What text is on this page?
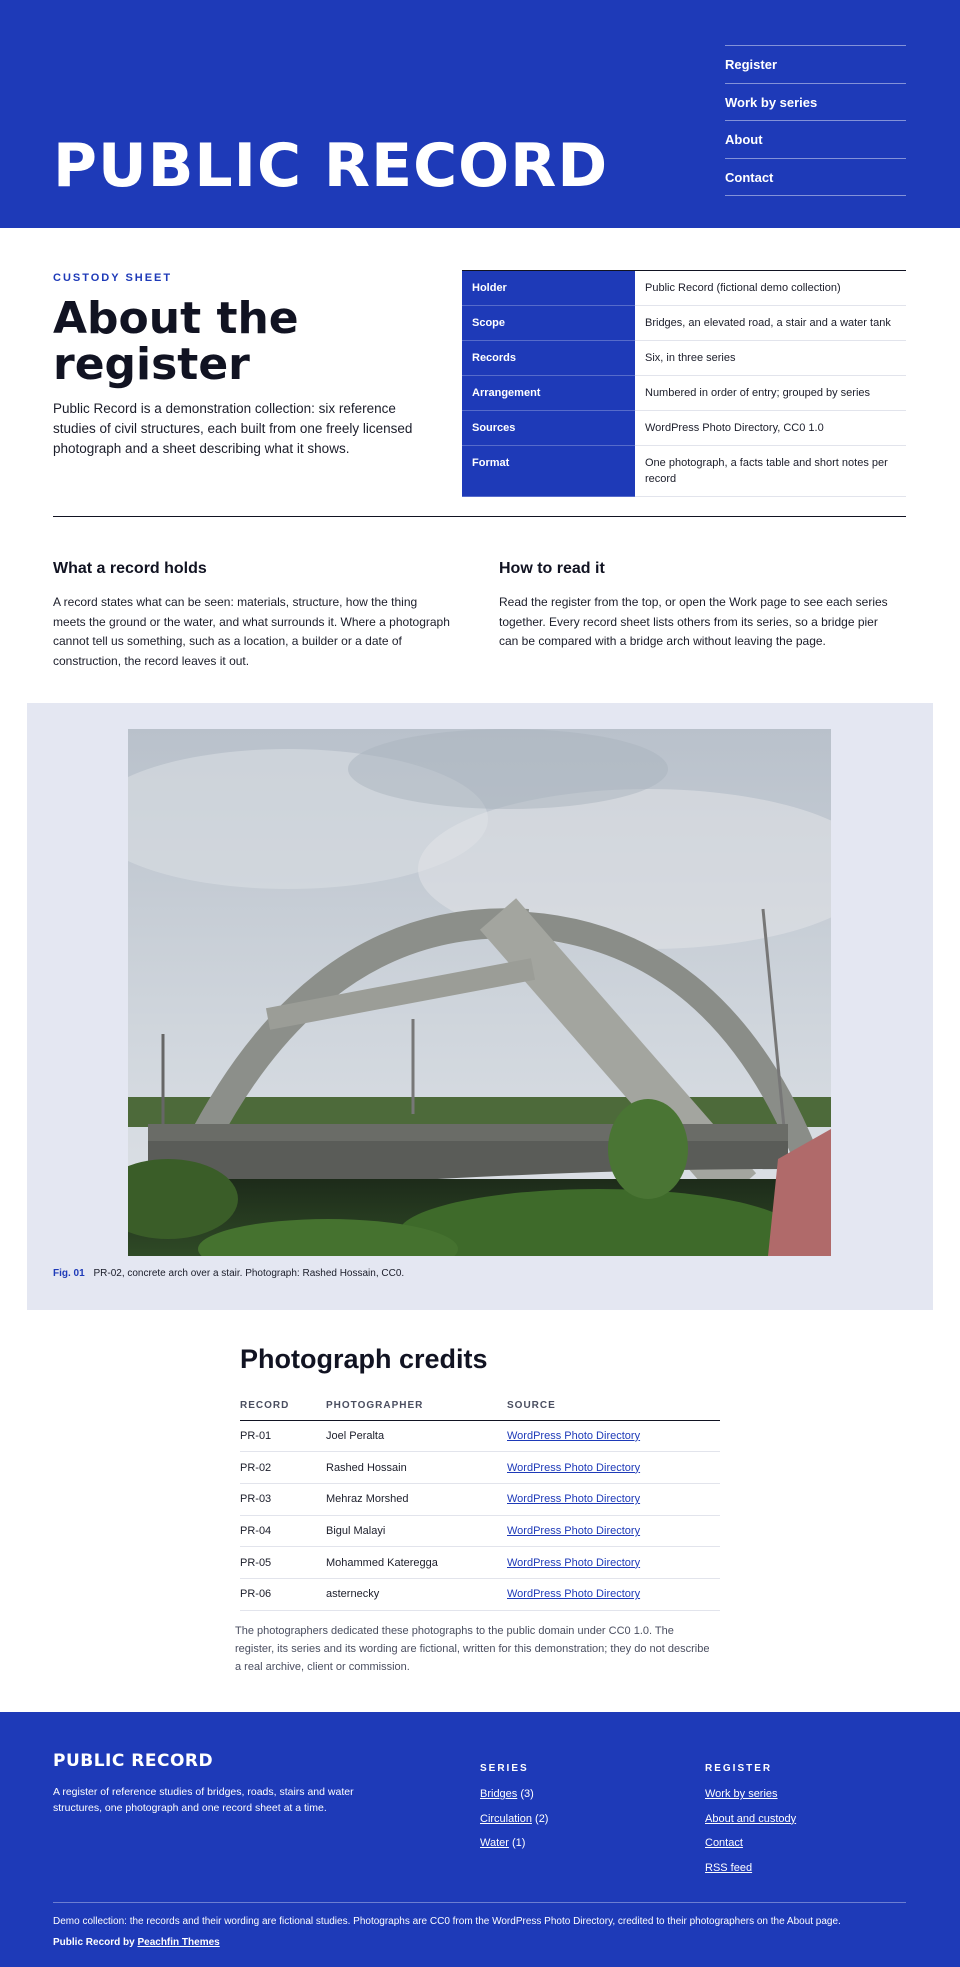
PUBLIC RECORD
Register
Work by series
About
Contact
CUSTODY SHEET
About the register

Public Record is a demonstration collection: six reference studies of civil structures, each built from one freely licensed photograph and a sheet describing what it shows.

Holder	Public Record (fictional demo collection)
Scope	Bridges, an elevated road, a stair and a water tank
Records	Six, in three series
Arrangement	Numbered in order of entry; grouped by series
Sources	WordPress Photo Directory, CC0 1.0
Format	One photograph, a facts table and short notes per record
What a record holds

A record states what can be seen: materials, structure, how the thing meets the ground or the water, and what surrounds it. Where a photograph cannot tell us something, such as a location, a builder or a date of construction, the record leaves it out.

How to read it

Read the register from the top, or open the Work page to see each series together. Every record sheet lists others from its series, so a bridge pier can be compared with a bridge arch without leaving the page.

Fig. 01 PR-02, concrete arch over a stair. Photograph: Rashed Hossain, CC0.
Photograph credits
RECORD	PHOTOGRAPHER	SOURCE
PR-01	Joel Peralta	WordPress Photo Directory
PR-02	Rashed Hossain	WordPress Photo Directory
PR-03	Mehraz Morshed	WordPress Photo Directory
PR-04	Bigul Malayi	WordPress Photo Directory
PR-05	Mohammed Kateregga	WordPress Photo Directory
PR-06	asternecky	WordPress Photo Directory

The photographers dedicated these photographs to the public domain under CC0 1.0. The register, its series and its wording are fictional, written for this demonstration; they do not describe a real archive, client or commission.

PUBLIC RECORD

A register of reference studies of bridges, roads, stairs and water structures, one photograph and one record sheet at a time.

SERIES
Bridges (3)
Circulation (2)
Water (1)
REGISTER
Work by series
About and custody
Contact
RSS feed

Demo collection: the records and their wording are fictional studies. Photographs are CC0 from the WordPress Photo Directory, credited to their photographers on the About page.

Public Record by Peachfin Themes
